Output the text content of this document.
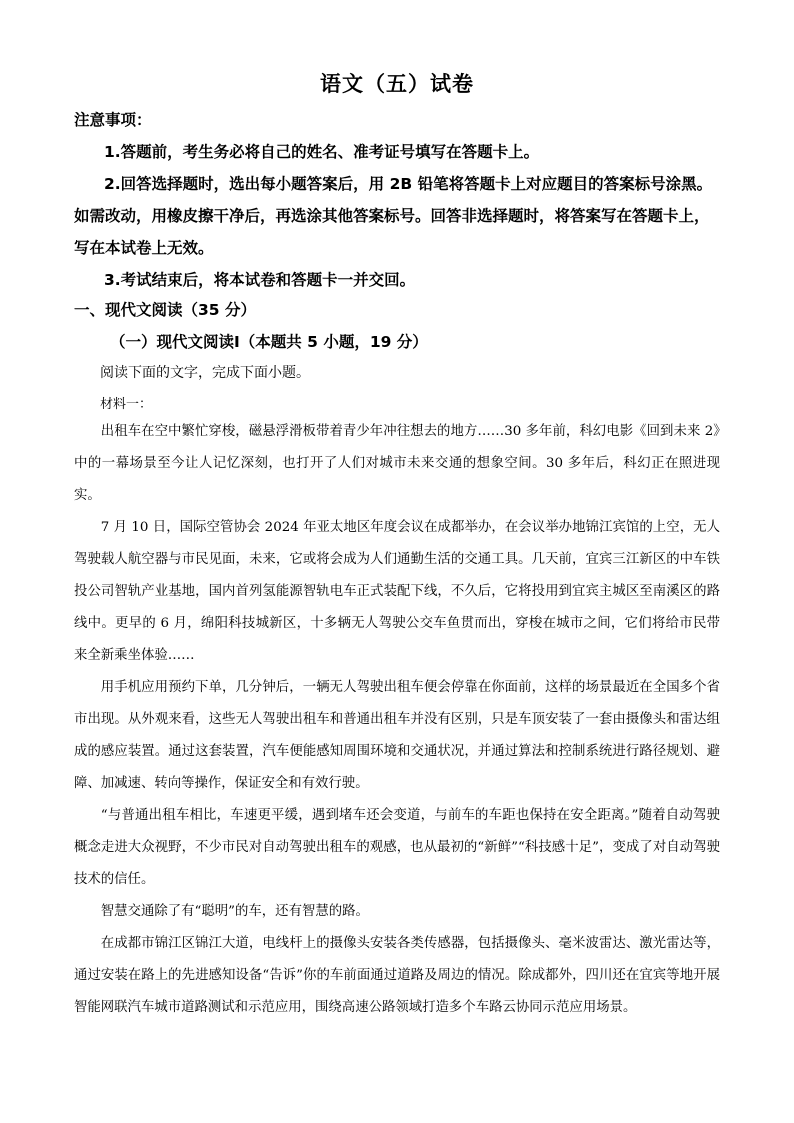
语文（五）试卷
注意事项：
1.答题前，考生务必将自己的姓名、准考证号填写在答题卡上。
2.回答选择题时，选出每小题答案后，用 2B 铅笔将答题卡上对应题目的答案标号涂黑。
如需改动，用橡皮擦干净后，再选涂其他答案标号。回答非选择题时，将答案写在答题卡上，
写在本试卷上无效。
3.考试结束后，将本试卷和答题卡一并交回。
一、现代文阅读（35 分）
（一）现代文阅读Ⅰ（本题共 5 小题，19 分）
阅读下面的文字，完成下面小题。
材料一：

出租车在空中繁忙穿梭，磁悬浮滑板带着青少年冲往想去的地方……30 多年前，科幻电影《回到未来 2》中的一幕场景至今让人记忆深刻，也打开了人们对城市未来交通的想象空间。30 多年后，科幻正在照进现实。

7 月 10 日，国际空管协会 2024 年亚太地区年度会议在成都举办，在会议举办地锦江宾馆的上空，无人驾驶载人航空器与市民见面，未来，它或将会成为人们通勤生活的交通工具。几天前，宜宾三江新区的中车铁投公司智轨产业基地，国内首列氢能源智轨电车正式装配下线，不久后，它将投用到宜宾主城区至南溪区的路线中。更早的 6 月，绵阳科技城新区，十多辆无人驾驶公交车鱼贯而出，穿梭在城市之间，它们将给市民带来全新乘坐体验……

用手机应用预约下单，几分钟后，一辆无人驾驶出租车便会停靠在你面前，这样的场景最近在全国多个省市出现。从外观来看，这些无人驾驶出租车和普通出租车并没有区别，只是车顶安装了一套由摄像头和雷达组成的感应装置。通过这套装置，汽车便能感知周围环境和交通状况，并通过算法和控制系统进行路径规划、避障、加减速、转向等操作，保证安全和有效行驶。

“与普通出租车相比，车速更平缓，遇到堵车还会变道，与前车的车距也保持在安全距离。”随着自动驾驶概念走进大众视野，不少市民对自动驾驶出租车的观感，也从最初的“新鲜”“科技感十足”，变成了对自动驾驶技术的信任。

智慧交通除了有“聪明”的车，还有智慧的路。

在成都市锦江区锦江大道，电线杆上的摄像头安装各类传感器，包括摄像头、毫米波雷达、激光雷达等，通过安装在路上的先进感知设备“告诉”你的车前面通过道路及周边的情况。除成都外，四川还在宜宾等地开展智能网联汽车城市道路测试和示范应用，围绕高速公路领域打造多个车路云协同示范应用场景。
